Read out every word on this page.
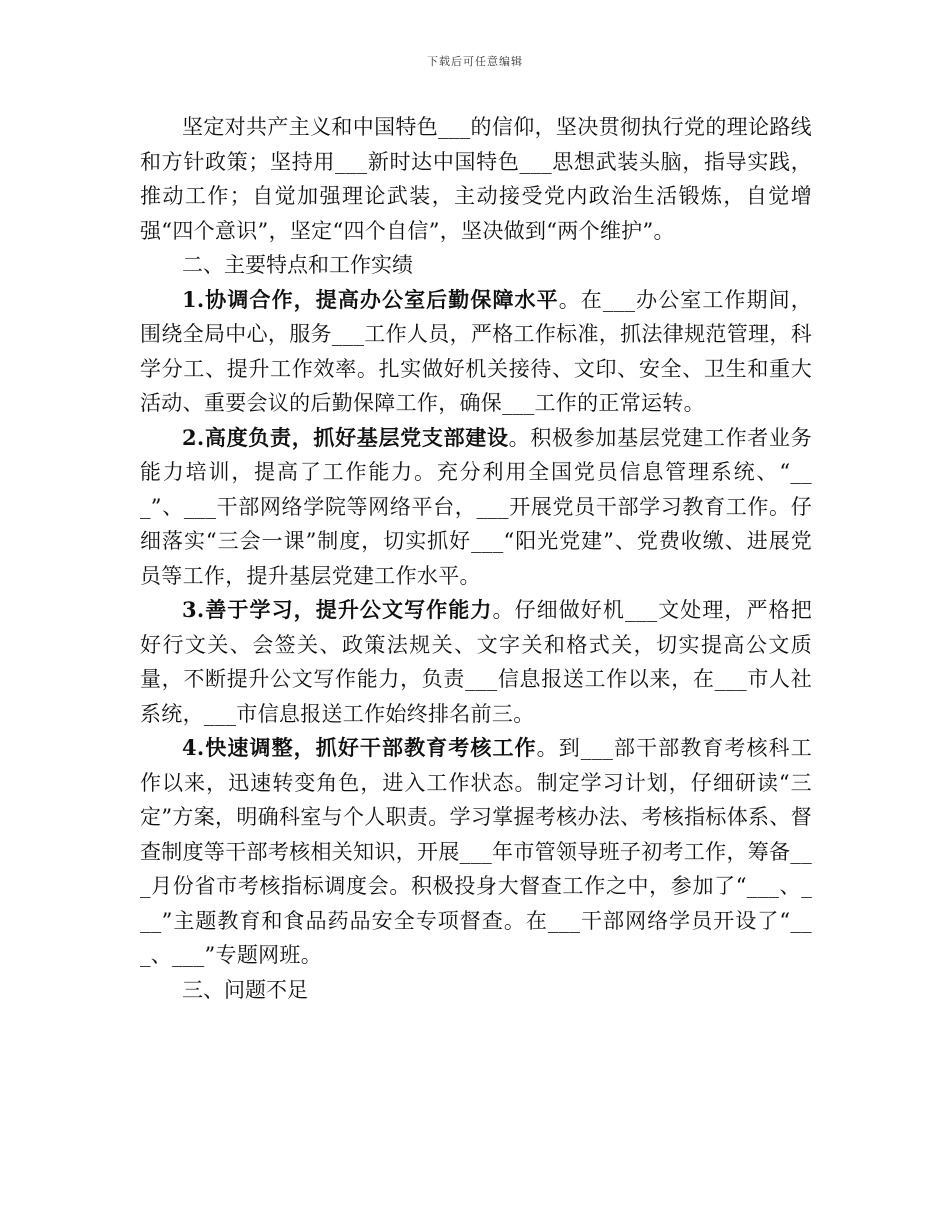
下载后可任意编辑

坚定对共产主义和中国特色___的信仰，坚决贯彻执行党的理论路线和方针政策；坚持用___新时达中国特色___思想武装头脑，指导实践，推动工作；自觉加强理论武装，主动接受党内政治生活锻炼，自觉增强“四个意识”，坚定“四个自信”，坚决做到“两个维护”。

二、主要特点和工作实绩

1.协调合作，提高办公室后勤保障水平。在___办公室工作期间，围绕全局中心，服务___工作人员，严格工作标准，抓法律规范管理，科学分工、提升工作效率。扎实做好机关接待、文印、安全、卫生和重大活动、重要会议的后勤保障工作，确保___工作的正常运转。

2.高度负责，抓好基层党支部建设。积极参加基层党建工作者业务能力培训，提高了工作能力。充分利用全国党员信息管理系统、“___”、___干部网络学院等网络平台，___开展党员干部学习教育工作。仔细落实“三会一课”制度，切实抓好___“阳光党建”、党费收缴、进展党员等工作，提升基层党建工作水平。

3.善于学习，提升公文写作能力。仔细做好机___文处理，严格把好行文关、会签关、政策法规关、文字关和格式关，切实提高公文质量，不断提升公文写作能力，负责___信息报送工作以来，在___市人社系统，___市信息报送工作始终排名前三。

4.快速调整，抓好干部教育考核工作。到___部干部教育考核科工作以来，迅速转变角色，进入工作状态。制定学习计划，仔细研读“三定”方案，明确科室与个人职责。学习掌握考核办法、考核指标体系、督查制度等干部考核相关知识，开展___年市管领导班子初考工作，筹备___月份省市考核指标调度会。积极投身大督查工作之中，参加了“___、___”主题教育和食品药品安全专项督查。在___干部网络学员开设了“___、___”专题网班。

三、问题不足
